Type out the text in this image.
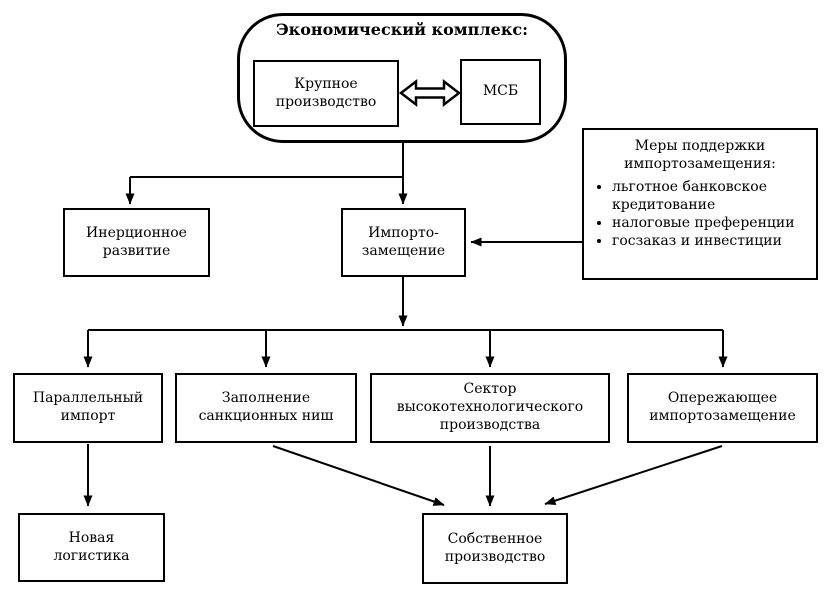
Экономический комплекс:
Крупное производство
МСБ
Инерционное развитие
Импорто-замещение
Меры поддержки импортозамещения:
• льготное банковское кредитование
• налоговые преференции
• госзаказ и инвестиции
Параллельный импорт
Заполнение санкционных ниш
Сектор высокотехнологического производства
Опережающее импортозамещение
Новая логистика
Собственное производство
